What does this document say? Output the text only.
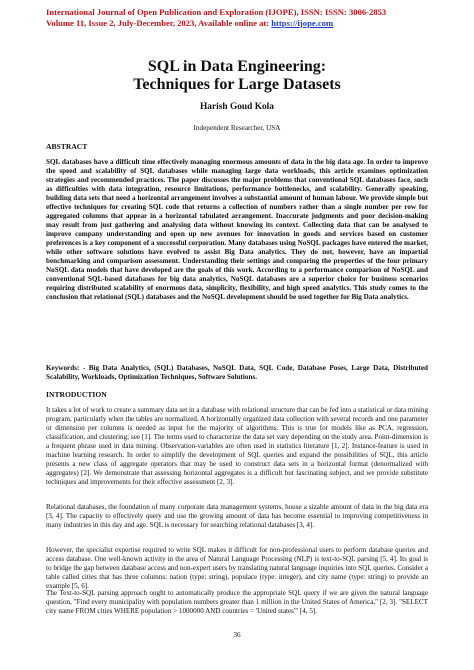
International Journal of Open Publication and Exploration (IJOPE), ISSN: ISSN: 3006-2853
Volume 11, Issue 2, July-December, 2023, Available online at: https://ijope.com
SQL in Data Engineering:
Techniques for Large Datasets
Harish Goud Kola
Independent Researcher, USA
ABSTRACT
SQL databases have a difficult time effectively managing enormous amounts of data in the big data age. In order to improve the speed and scalability of SQL databases while managing large data workloads, this article examines optimization strategies and recommended practices. The paper discusses the major problems that conventional SQL databases face, such as difficulties with data integration, resource limitations, performance bottlenecks, and scalability. Generally speaking, building data sets that need a horizontal arrangement involves a substantial amount of human labour. We provide simple but effective techniques for creating SQL code that returns a collection of numbers rather than a single number per row for aggregated columns that appear in a horizontal tabulated arrangement. Inaccurate judgments and poor decision-making may result from just gathering and analysing data without knowing its context. Collecting data that can be analysed to improve company understanding and open up new avenues for innovation in goods and services based on customer preferences is a key component of a successful corporation. Many databases using NoSQL packages have entered the market, while other software solutions have evolved to assist Big Data analytics. They do not, however, have an impartial benchmarking and comparison assessment. Understanding their settings and comparing the properties of the four primary NoSQL data models that have developed are the goals of this work. According to a performance comparison of NoSQL and conventional SQL-based databases for big data analytics, NoSQL databases are a superior choice for business scenarios requiring distributed scalability of enormous data, simplicity, flexibility, and high speed analytics. This study comes to the conclusion that relational (SQL) databases and the NoSQL development should be used together for Big Data analytics.
Keywords: - Big Data Analytics, (SQL) Databases, NoSQL Data, SQL Code, Database Poses, Large Data, Distributed Scalability, Workloads, Optimization Techniques, Software Solutions.
INTRODUCTION
It takes a lot of work to create a summary data set in a database with relational structure that can be fed into a statistical or data mining program, particularly when the tables are normalized. A horizontally organized data collection with several records and one parameter or dimension per columns is needed as input for the majority of algorithms. This is true for models like as PCA, regression, classification, and clustering; see [1]. The terms used to characterize the data set vary depending on the study area. Point-dimension is a frequent phrase used in data mining. Observation-variables are often used in statistics literature [1, 2]. Instance-feature is used in machine learning research. In order to simplify the development of SQL queries and expand the possibilities of SQL, this article presents a new class of aggregate operators that may be used to construct data sets in a horizontal format (denormalized with aggregates) [2]. We demonstrate that assessing horizontal aggregates is a difficult but fascinating subject, and we provide substitute techniques and improvements for their effective assessment [2, 3].
Relational databases, the foundation of many corporate data management systems, house a sizable amount of data in the big data era [3, 4]. The capacity to effectively query and use the growing amount of data has become essential to improving competitiveness in many industries in this day and age. SQL is necessary for searching relational databases [3, 4].
However, the specialist expertise required to write SQL makes it difficult for non-professional users to perform database queries and access database. One well-known activity in the area of Natural Language Processing (NLP) is text-to-SQL parsing [5, 4]. Its goal is to bridge the gap between database access and non-expert users by translating natural language inquiries into SQL queries. Consider a table called cities that has three columns: nation (type: string), populace (type: integer), and city name (type: string) to provide an example [5, 6].
The Text-to-SQL parsing approach ought to automatically produce the appropriate SQL query if we are given the natural language question, "Find every municipality with population numbers greater than 1 million in the United States of America," [2, 3]. "SELECT city name FROM cities WHERE population > 1000000 AND countries = 'United states'" [4, 5].
36
